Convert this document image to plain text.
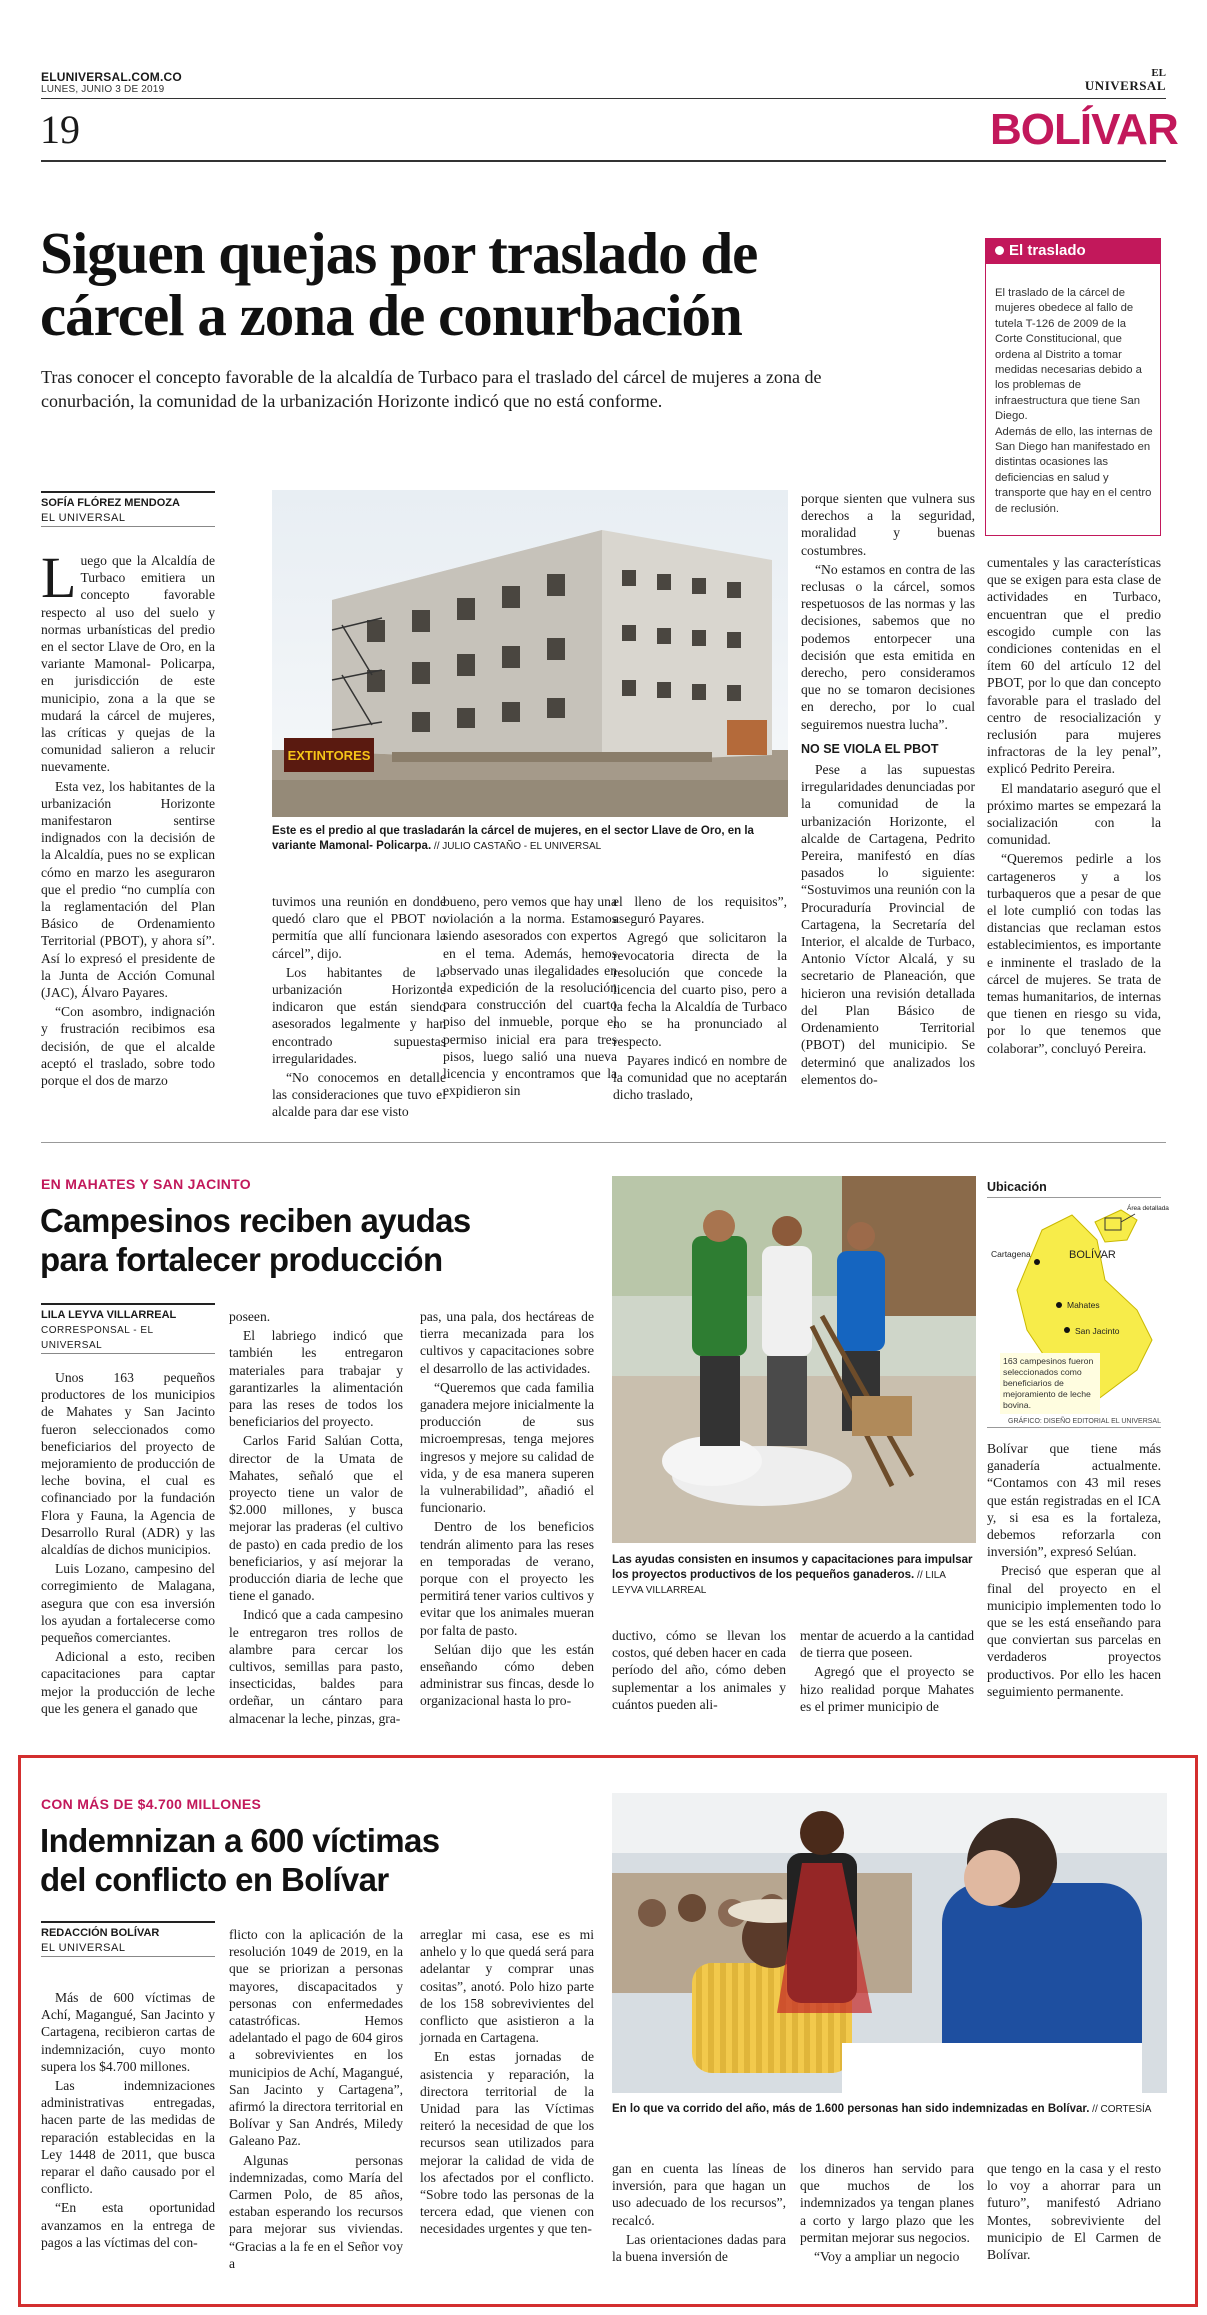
ELUNIVERSAL.COM.CO
LUNES, JUNIO 3 DE 2019
EL
UNIVERSAL
19	BOLÍVAR
Siguen quejas por traslado de
cárcel a zona de conurbación
Tras conocer el concepto favorable de la alcaldía de Turbaco para el traslado del cárcel de mujeres a zona de conurbación, la comunidad de la urbanización Horizonte indicó que no está conforme.
SOFÍA FLÓREZ MENDOZA
EL UNIVERSAL
El traslado

El traslado de la cárcel de mujeres obedece al fallo de tutela T-126 de 2009 de la Corte Constitucional, que ordena al Distrito a tomar medidas necesarias debido a los problemas de infraestructura que tiene San Diego.

Además de ello, las internas de San Diego han manifestado en distintas ocasiones las deficiencias en salud y transporte que hay en el centro de reclusión.

EXTINTORES
Este es el predio al que trasladarán la cárcel de mujeres, en el sector Llave de Oro, en la variante Mamonal- Policarpa. // JULIO CASTAÑO - EL UNIVERSAL

Luego que la Alcaldía de Turbaco emitiera un concepto favorable respecto al uso del suelo y normas urbanísticas del predio en el sector Llave de Oro, en la variante Mamonal- Policarpa, en jurisdicción de este municipio, zona a la que se mudará la cárcel de mujeres, las críticas y quejas de la comunidad salieron a relucir nuevamente.

Esta vez, los habitantes de la urbanización Horizonte manifestaron sentirse indignados con la decisión de la Alcaldía, pues no se explican cómo en marzo les aseguraron que el predio “no cumplía con la reglamentación del Plan Básico de Ordenamiento Territorial (PBOT), y ahora sí”. Así lo expresó el presidente de la Junta de Acción Comunal (JAC), Álvaro Payares.

“Con asombro, indignación y frustración recibimos esa decisión, de que el alcalde aceptó el traslado, sobre todo porque el dos de marzo

tuvimos una reunión en donde quedó claro que el PBOT no permitía que allí funcionara la cárcel”, dijo.

Los habitantes de la urbanización Horizonte indicaron que están siendo asesorados legalmente y han encontrado supuestas irregularidades.

“No conocemos en detalle las consideraciones que tuvo el alcalde para dar ese visto

bueno, pero vemos que hay una violación a la norma. Estamos siendo asesorados con expertos en el tema. Además, hemos observado unas ilegalidades en la expedición de la resolución para construcción del cuarto piso del inmueble, porque el permiso inicial era para tres pisos, luego salió una nueva licencia y encontramos que la expidieron sin

el lleno de los requisitos”, aseguró Payares.

Agregó que solicitaron la revocatoria directa de la resolución que concede la licencia del cuarto piso, pero a la fecha la Alcaldía de Turbaco no se ha pronunciado al respecto.

Payares indicó en nombre de la comunidad que no aceptarán dicho traslado,

porque sienten que vulnera sus derechos a la seguridad, moralidad y buenas costumbres.

“No estamos en contra de las reclusas o la cárcel, somos respetuosos de las normas y las decisiones, sabemos que no podemos entorpecer una decisión que esta emitida en derecho, pero consideramos que no se tomaron decisiones en derecho, por lo cual seguiremos nuestra lucha”.

NO SE VIOLA EL PBOT

Pese a las supuestas irregularidades denunciadas por la comunidad de la urbanización Horizonte, el alcalde de Cartagena, Pedrito Pereira, manifestó en días pasados lo siguiente: “Sostuvimos una reunión con la Procuraduría Provincial de Cartagena, la Secretaría del Interior, el alcalde de Turbaco, Antonio Víctor Alcalá, y su secretario de Planeación, que hicieron una revisión detallada del Plan Básico de Ordenamiento Territorial (PBOT) del municipio. Se determinó que analizados los elementos do-

cumentales y las características que se exigen para esta clase de actividades en Turbaco, encuentran que el predio escogido cumple con las condiciones contenidas en el ítem 60 del artículo 12 del PBOT, por lo que dan concepto favorable para el traslado del centro de resocialización y reclusión para mujeres infractoras de la ley penal”, explicó Pedrito Pereira.

El mandatario aseguró que el próximo martes se empezará la socialización con la comunidad.

“Queremos pedirle a los cartageneros y a los turbaqueros que a pesar de que el lote cumplió con todas las distancias que reclaman estos establecimientos, es importante e inminente el traslado de la cárcel de mujeres. Se trata de temas humanitarios, de internas que tienen en riesgo su vida, por lo que tenemos que colaborar”, concluyó Pereira.

EN MAHATES Y SAN JACINTO
Campesinos reciben ayudas
para fortalecer producción
LILA LEYVA VILLARREAL
CORRESPONSAL - EL UNIVERSAL
Las ayudas consisten en insumos y capacitaciones para impulsar los proyectos productivos de los pequeños ganaderos. // LILA LEYVA VILLARREAL
Ubicación
BOLÍVAR
Cartagena
Mahates
San Jacinto
Área detallada
163 campesinos fueron seleccionados como beneficiarios de mejoramiento de leche bovina.
GRÁFICO: DISEÑO EDITORIAL EL UNIVERSAL

Unos 163 pequeños productores de los municipios de Mahates y San Jacinto fueron seleccionados como beneficiarios del proyecto de mejoramiento de producción de leche bovina, el cual es cofinanciado por la fundación Flora y Fauna, la Agencia de Desarrollo Rural (ADR) y las alcaldías de dichos municipios.

Luis Lozano, campesino del corregimiento de Malagana, asegura que con esa inversión los ayudan a fortalecerse como pequeños comerciantes.

Adicional a esto, reciben capacitaciones para captar mejor la producción de leche que les genera el ganado que

poseen.

El labriego indicó que también les entregaron materiales para trabajar y garantizarles la alimentación para las reses de todos los beneficiarios del proyecto.

Carlos Farid Salúan Cotta, director de la Umata de Mahates, señaló que el proyecto tiene un valor de $2.000 millones, y busca mejorar las praderas (el cultivo de pasto) en cada predio de los beneficiarios, y así mejorar la producción diaria de leche que tiene el ganado.

Indicó que a cada campesino le entregaron tres rollos de alambre para cercar los cultivos, semillas para pasto, insecticidas, baldes para ordeñar, un cántaro para almacenar la leche, pinzas, gra-

pas, una pala, dos hectáreas de tierra mecanizada para los cultivos y capacitaciones sobre el desarrollo de las actividades.

“Queremos que cada familia ganadera mejore inicialmente la producción de sus microempresas, tenga mejores ingresos y mejore su calidad de vida, y de esa manera superen la vulnerabilidad”, añadió el funcionario.

Dentro de los beneficios tendrán alimento para las reses en temporadas de verano, porque con el proyecto les permitirá tener varios cultivos y evitar que los animales mueran por falta de pasto.

Selúan dijo que les están enseñando cómo deben administrar sus fincas, desde lo organizacional hasta lo pro-

ductivo, cómo se llevan los costos, qué deben hacer en cada período del año, cómo deben suplementar a los animales y cuántos pueden ali-

mentar de acuerdo a la cantidad de tierra que poseen.

Agregó que el proyecto se hizo realidad porque Mahates es el primer municipio de

Bolívar que tiene más ganadería actualmente. “Contamos con 43 mil reses que están registradas en el ICA y, si esa es la fortaleza, debemos reforzarla con inversión”, expresó Selúan.

Precisó que esperan que al final del proyecto en el municipio implementen todo lo que se les está enseñando para que conviertan sus parcelas en verdaderos proyectos productivos. Por ello les hacen seguimiento permanente.

CON MÁS DE $4.700 MILLONES
Indemnizan a 600 víctimas
del conflicto en Bolívar
REDACCIÓN BOLÍVAR
EL UNIVERSAL
En lo que va corrido del año, más de 1.600 personas han sido indemnizadas en Bolívar. // CORTESÍA

Más de 600 víctimas de Achí, Magangué, San Jacinto y Cartagena, recibieron cartas de indemnización, cuyo monto supera los $4.700 millones.

Las indemnizaciones administrativas entregadas, hacen parte de las medidas de reparación establecidas en la Ley 1448 de 2011, que busca reparar el daño causado por el conflicto.

“En esta oportunidad avanzamos en la entrega de pagos a las víctimas del con-

flicto con la aplicación de la resolución 1049 de 2019, en la que se priorizan a personas mayores, discapacitados y personas con enfermedades catastróficas. Hemos adelantado el pago de 604 giros a sobrevivientes en los municipios de Achí, Magangué, San Jacinto y Cartagena”, afirmó la directora territorial en Bolívar y San Andrés, Miledy Galeano Paz.

Algunas personas indemnizadas, como María del Carmen Polo, de 85 años, estaban esperando los recursos para mejorar sus viviendas. “Gracias a la fe en el Señor voy a

arreglar mi casa, ese es mi anhelo y lo que quedá será para adelantar y comprar unas cositas”, anotó. Polo hizo parte de los 158 sobrevivientes del conflicto que asistieron a la jornada en Cartagena.

En estas jornadas de asistencia y reparación, la directora territorial de la Unidad para las Víctimas reiteró la necesidad de que los recursos sean utilizados para mejorar la calidad de vida de los afectados por el conflicto. “Sobre todo las personas de la tercera edad, que vienen con necesidades urgentes y que ten-

gan en cuenta las líneas de inversión, para que hagan un uso adecuado de los recursos”, recalcó.

Las orientaciones dadas para la buena inversión de

los dineros han servido para que muchos de los indemnizados ya tengan planes a corto y largo plazo que les permitan mejorar sus negocios.

“Voy a ampliar un negocio

que tengo en la casa y el resto lo voy a ahorrar para un futuro”, manifestó Adriano Montes, sobreviviente del municipio de El Carmen de Bolívar.
